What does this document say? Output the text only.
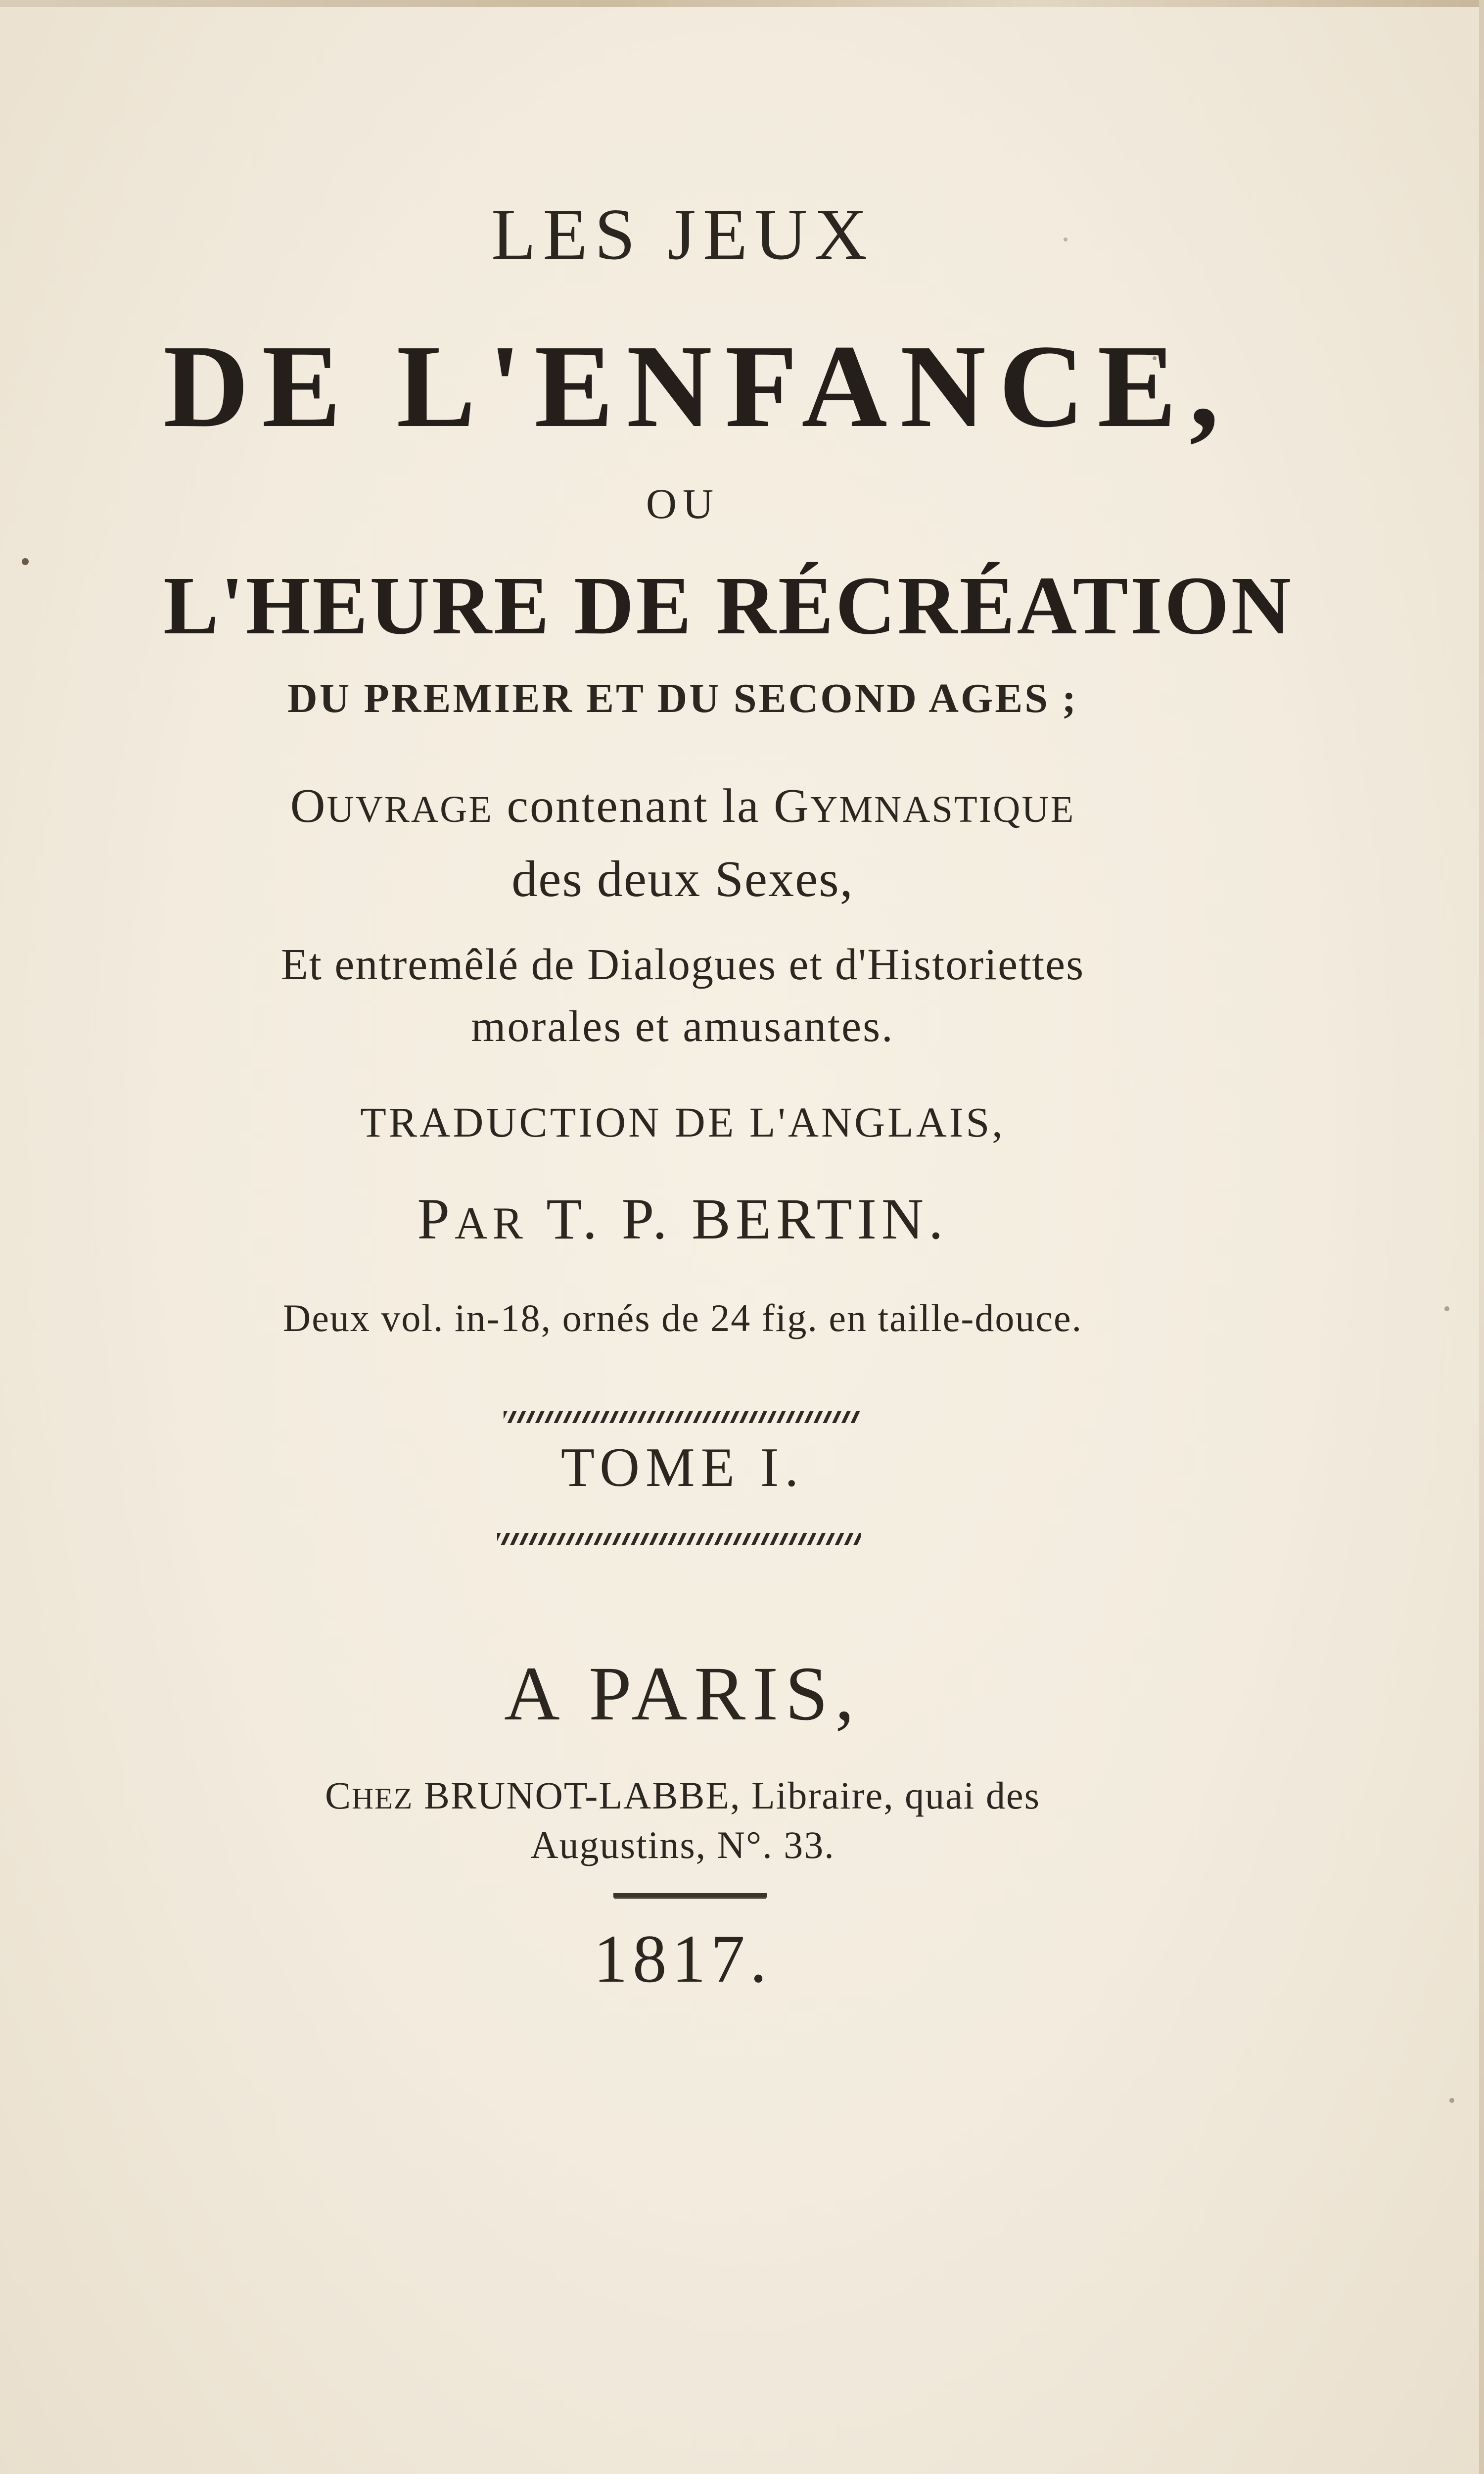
LES JEUX
DE L'ENFANCE,
OU
L'HEURE DE RÉCRÉATION
DU PREMIER ET DU SECOND AGES ;
OUVRAGE contenant la GYMNASTIQUE
des deux Sexes,
Et entremêlé de Dialogues et d'Historiettes
morales et amusantes.
TRADUCTION DE L'ANGLAIS,
PAR T. P. BERTIN.
Deux vol. in-18, ornés de 24 fig. en taille-douce.
TOME I.
A PARIS,
CHEZ BRUNOT-LABBE, Libraire, quai des
Augustins, N°. 33.
1817.
